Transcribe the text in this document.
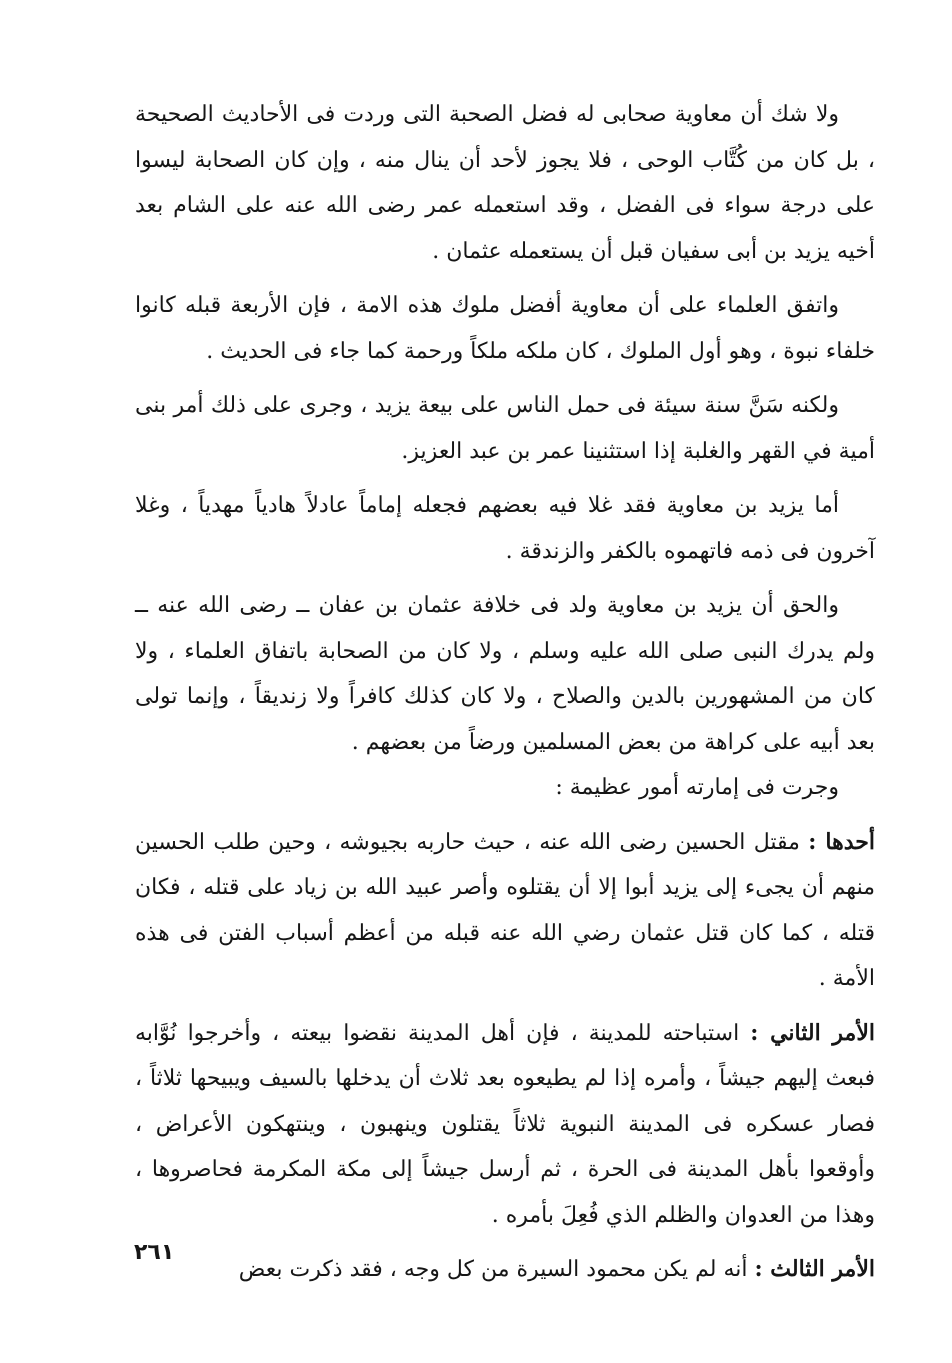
ولا شك أن معاوية صحابى له فضل الصحبة التى وردت فى الأحاديث الصحيحة ، بل كان من كُتَّاب الوحى ، فلا يجوز لأحد أن ينال منه ، وإن كان الصحابة ليسوا على درجة سواء فى الفضل ، وقد استعمله عمر رضى الله عنه على الشام بعد أخيه يزيد بن أبى سفيان قبل أن يستعمله عثمان .

واتفق العلماء على أن معاوية أفضل ملوك هذه الامة ، فإن الأربعة قبله كانوا خلفاء نبوة ، وهو أول الملوك ، كان ملكه ملكاً ورحمة كما جاء فى الحديث .

ولكنه سَنَّ سنة سيئة فى حمل الناس على بيعة يزيد ، وجرى على ذلك أمر بنى أمية في القهر والغلبة إذا استثنينا عمر بن عبد العزيز.

أما يزيد بن معاوية فقد غلا فيه بعضهم فجعله إماماً عادلاً هادياً مهدياً ، وغلا آخرون فى ذمه فاتهموه بالكفر والزندقة .

والحق أن يزيد بن معاوية ولد فى خلافة عثمان بن عفان ــ رضى الله عنه ــ ولم يدرك النبى صلى الله عليه وسلم ، ولا كان من الصحابة باتفاق العلماء ، ولا كان من المشهورين بالدين والصلاح ، ولا كان كذلك كافراً ولا زنديقاً ، وإنما تولى بعد أبيه على كراهة من بعض المسلمين ورضاً من بعضهم .

وجرت فى إمارته أمور عظيمة :

أحدها : مقتل الحسين رضى الله عنه ، حيث حاربه بجيوشه ، وحين طلب الحسين منهم أن يجىء إلى يزيد أبوا إلا أن يقتلوه وأصر عبيد الله بن زياد على قتله ، فكان قتله ، كما كان قتل عثمان رضي الله عنه قبله من أعظم أسباب الفتن فى هذه الأمة .

الأمر الثاني : استباحته للمدينة ، فإن أهل المدينة نقضوا بيعته ، وأخرجوا نُوَّابه فبعث إليهم جيشاً ، وأمره إذا لم يطيعوه بعد ثلاث أن يدخلها بالسيف ويبيحها ثلاثاً ، فصار عسكره فى المدينة النبوية ثلاثاً يقتلون وينهبون ، وينتهكون الأعراض ، وأوقعوا بأهل المدينة فى الحرة ، ثم أرسل جيشاً إلى مكة المكرمة فحاصروها ، وهذا من العدوان والظلم الذي فُعِلَ بأمره .

الأمر الثالث : أنه لم يكن محمود السيرة من كل وجه ، فقد ذكرت بعض

٢٦١
